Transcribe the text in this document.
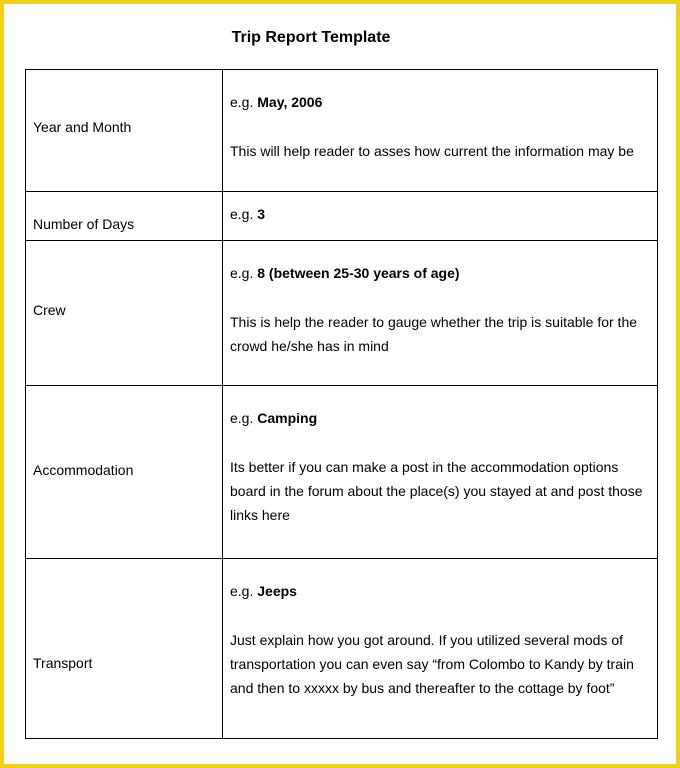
Trip Report Template
Year and Month	e.g. May, 2006
This will help reader to asses how current the information may be

Number of Days	e.g. 3

Crew	e.g. 8 (between 25-30 years of age)
This is help the reader to gauge whether the trip is suitable for the crowd he/she has in mind

Accommodation	e.g. Camping
Its better if you can make a post in the accommodation options board in the forum about the place(s) you stayed at and post those links here

Transport	e.g. Jeeps
Just explain how you got around. If you utilized several mods of transportation you can even say “from Colombo to Kandy by train and then to xxxxx by bus and thereafter to the cottage by foot”
